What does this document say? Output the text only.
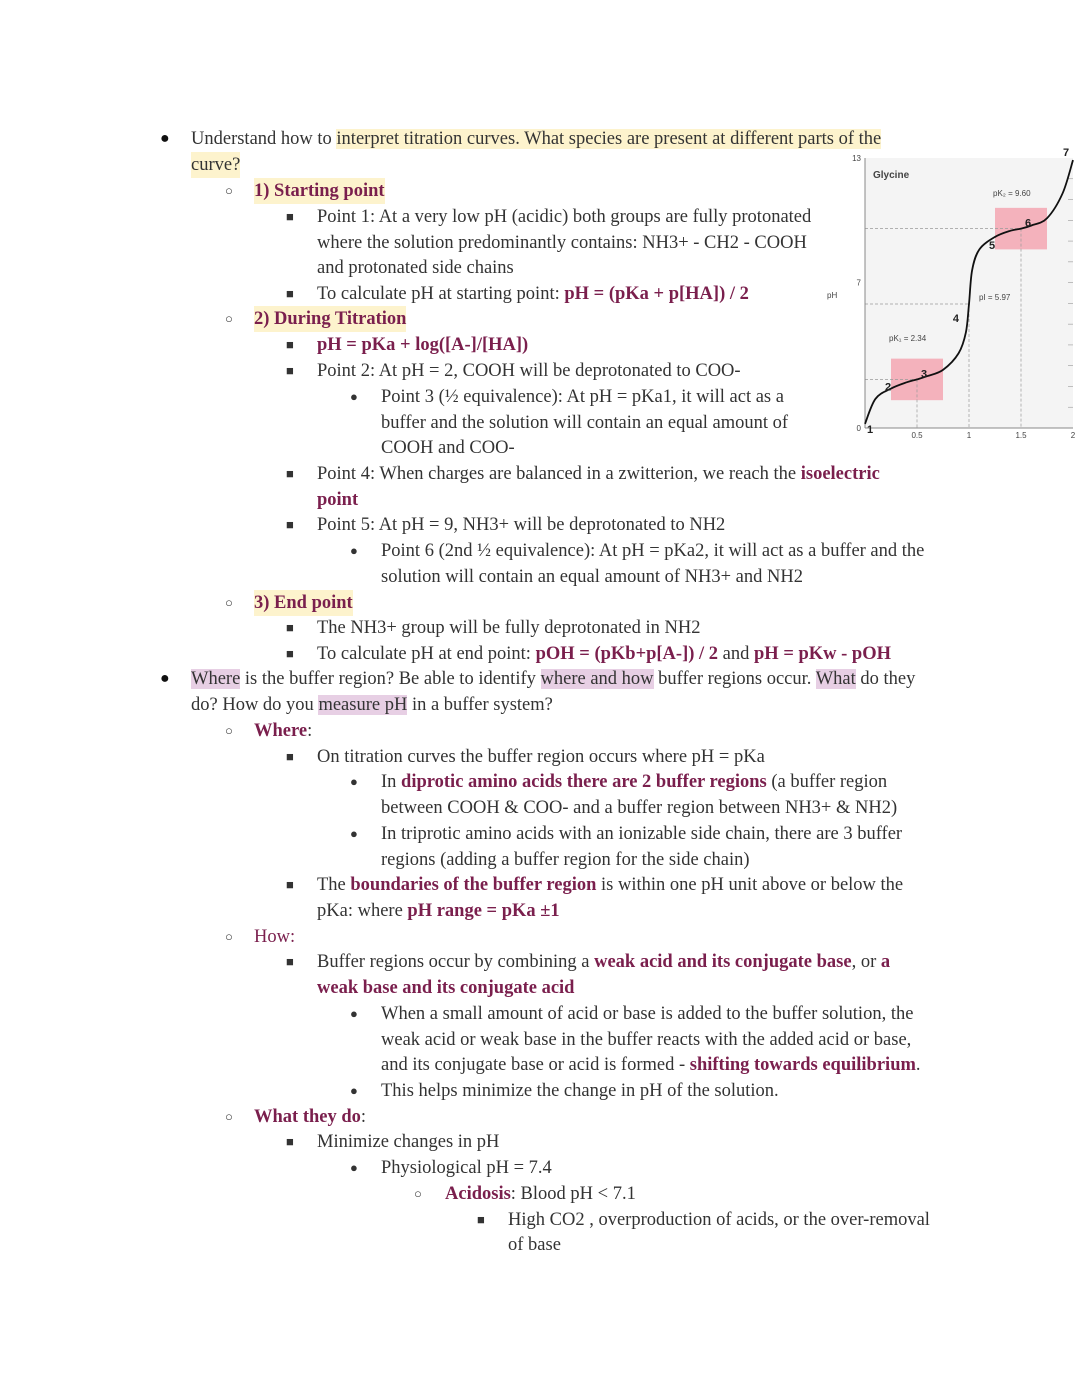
● Understand how to interpret titration curves. What species are present at different parts of the
curve?
○ 1) Starting point
■ Point 1: At a very low pH (acidic) both groups are fully protonated
where the solution predominantly contains: NH3+ - CH2 - COOH
and protonated side chains
■ To calculate pH at starting point: pH = (pKa + p[HA]) / 2
○ 2) During Titration
■ pH = pKa + log([A-]/[HA])
■ Point 2: At pH = 2, COOH will be deprotonated to COO-
● Point 3 (½ equivalence): At pH = pKa1, it will act as a
buffer and the solution will contain an equal amount of
COOH and COO-
■ Point 4: When charges are balanced in a zwitterion, we reach the isoelectric
point
■ Point 5: At pH = 9, NH3+ will be deprotonated to NH2
● Point 6 (2nd ½ equivalence): At pH = pKa2, it will act as a buffer and the
solution will contain an equal amount of NH3+ and NH2
○ 3) End point
■ The NH3+ group will be fully deprotonated in NH2
■ To calculate pH at end point: pOH = (pKb+p[A-]) / 2 and pH = pKw - pOH
● Where is the buffer region? Be able to identify where and how buffer regions occur. What do they
do? How do you measure pH in a buffer system?
○ Where:
■ On titration curves the buffer region occurs where pH = pKa
● In diprotic amino acids there are 2 buffer regions (a buffer region
between COOH & COO- and a buffer region between NH3+ & NH2)
● In triprotic amino acids with an ionizable side chain, there are 3 buffer
regions (adding a buffer region for the side chain)
■ The boundaries of the buffer region is within one pH unit above or below the
pKa: where pH range = pKa ±1
○ How:
■ Buffer regions occur by combining a weak acid and its conjugate base, or a
weak base and its conjugate acid
● When a small amount of acid or base is added to the buffer solution, the
weak acid or weak base in the buffer reacts with the added acid or base,
and its conjugate base or acid is formed - shifting towards equilibrium.
● This helps minimize the change in pH of the solution.
○ What they do:
■ Minimize changes in pH
● Physiological pH = 7.4
○ Acidosis: Blood pH < 7.1
■ High CO2 , overproduction of acids, or the over-removal
of base
0
7
13
0.5	1	1.5	2
1
2
3
4
5
6
7
Glycine
pH
pK₁ = 2.34
pK₂ = 9.60
pI = 5.97
